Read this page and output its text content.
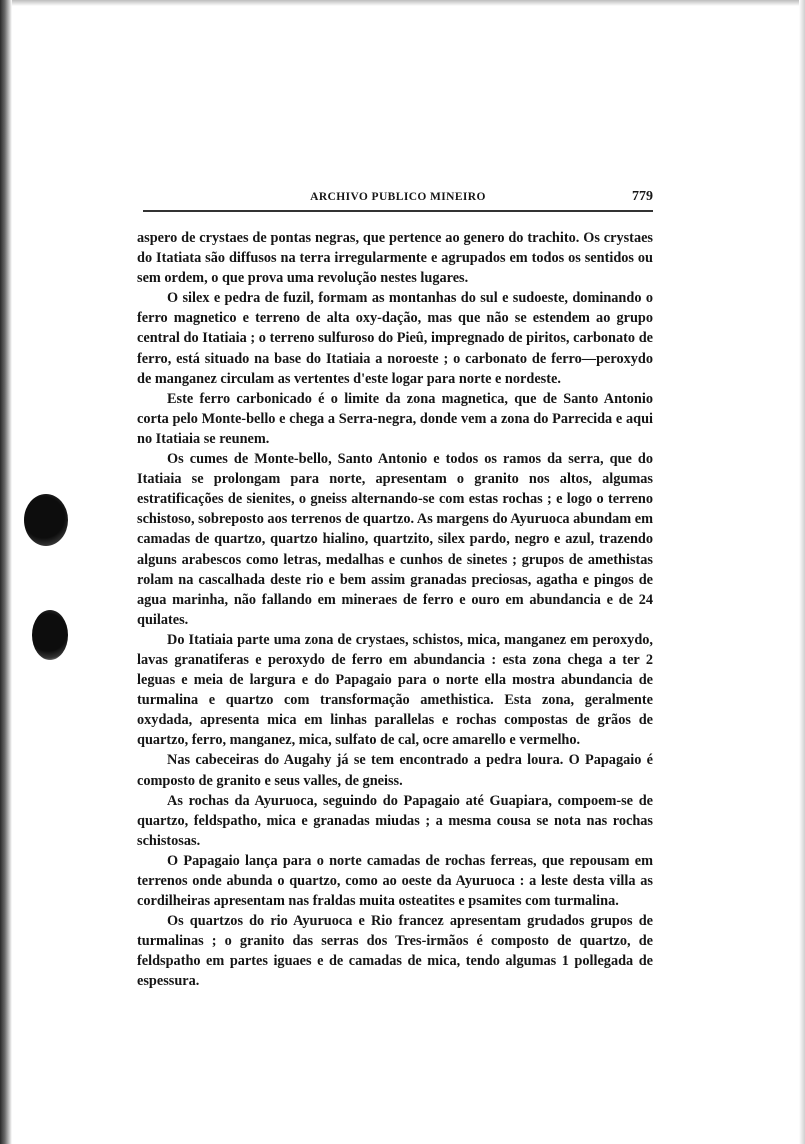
ARCHIVO PUBLICO MINEIRO	779

aspero de crystaes de pontas negras, que pertence ao genero do trachito. Os crystaes do Itatiata são diffusos na terra irregularmente e agrupados em todos os sentidos ou sem ordem, o que prova uma revolução nestes lugares.

O silex e pedra de fuzil, formam as montanhas do sul e sudoeste, dominando o ferro magnetico e terreno de alta oxy-dação, mas que não se estendem ao grupo central do Itatiaia ; o terreno sulfuroso do Pieû, impregnado de piritos, carbonato de ferro, está situado na base do Itatiaia a noroeste ; o carbonato de ferro—peroxydo de manganez circulam as vertentes d'este logar para norte e nordeste.

Este ferro carbonicado é o limite da zona magnetica, que de Santo Antonio corta pelo Monte-bello e chega a Serra-negra, donde vem a zona do Parrecida e aqui no Itatiaia se reunem.

Os cumes de Monte-bello, Santo Antonio e todos os ramos da serra, que do Itatiaia se prolongam para norte, apresentam o granito nos altos, algumas estratificações de sienites, o gneiss alternando-se com estas rochas ; e logo o terreno schistoso, sobreposto aos terrenos de quartzo. As margens do Ayuruoca abundam em camadas de quartzo, quartzo hialino, quartzito, silex pardo, negro e azul, trazendo alguns arabescos como letras, medalhas e cunhos de sinetes ; grupos de amethistas rolam na cascalhada deste rio e bem assim granadas preciosas, agatha e pingos de agua marinha, não fallando em mineraes de ferro e ouro em abundancia e de 24 quilates.

Do Itatiaia parte uma zona de crystaes, schistos, mica, manganez em peroxydo, lavas granatiferas e peroxydo de ferro em abundancia : esta zona chega a ter 2 leguas e meia de largura e do Papagaio para o norte ella mostra abundancia de turmalina e quartzo com transformação amethistica. Esta zona, geralmente oxydada, apresenta mica em linhas parallelas e rochas compostas de grãos de quartzo, ferro, manganez, mica, sulfato de cal, ocre amarello e vermelho.

Nas cabeceiras do Augahy já se tem encontrado a pedra loura. O Papagaio é composto de granito e seus valles, de gneiss.

As rochas da Ayuruoca, seguindo do Papagaio até Guapiara, compoem-se de quartzo, feldspatho, mica e granadas miudas ; a mesma cousa se nota nas rochas schistosas.

O Papagaio lança para o norte camadas de rochas ferreas, que repousam em terrenos onde abunda o quartzo, como ao oeste da Ayuruoca : a leste desta villa as cordilheiras apresentam nas fraldas muita osteatites e psamites com turmalina.

Os quartzos do rio Ayuruoca e Rio francez apresentam grudados grupos de turmalinas ; o granito das serras dos Tres-irmãos é composto de quartzo, de feldspatho em partes iguaes e de camadas de mica, tendo algumas 1 pollegada de espessura.
